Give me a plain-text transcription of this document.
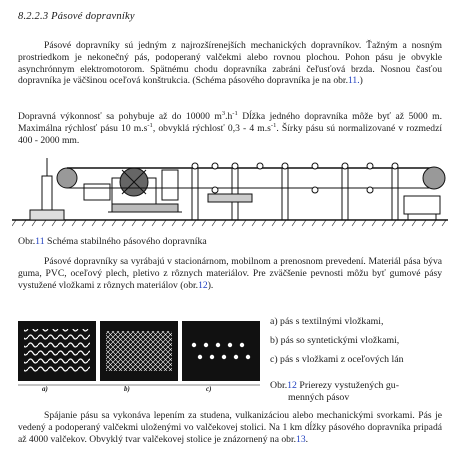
8.2.2.3 Pásové dopravníky

Pásové dopravníky sú jedným z najrozšírenejších mechanických dopravníkov. Ťažným a nosným prostriedkom je nekonečný pás, podoperaný valčekmi alebo rovnou plochou. Pohon pásu je obvykle asynchrónnym elektromotorom. Spätnému chodu dopravníka zabráni čeľusťová brzda. Nosnou časťou dopravníka je väčšinou oceľová konštrukcia. (Schéma pásového dopravníka je na obr.11.)

Dopravná výkonnosť sa pohybuje až do 10000 $m^3.h^{-1}$ Dĺžka jedného dopravníka môže byť až 5000 m. Maximálna rýchlosť pásu 10 $m.s^{-1}$, obvyklá rýchlosť 0,3 - 4 $m.s^{-1}$. Šírky pásu sú normalizované v rozmedzí 400 - 2000 mm.

Obr.11 Schéma stabilného pásového dopravníka

Pásové dopravníky sa vyrábajú v stacionárnom, mobilnom a prenosnom prevedení. Materiál pása býva guma, PVC, oceľový plech, pletivo z rôznych materiálov. Pre zväčšenie pevnosti môžu byť gumové pásy vystužené vložkami z rôznych materiálov (obr.12).

a)	b)	c)
a) pás s textilnými vložkami,
b) pás so syntetickými vložkami,
c) pás s vložkami z oceľových lán
Obr.12 Prierezy vystužených gu-
menných pásov

Spájanie pásu sa vykonáva lepením za studena, vulkanizáciou alebo mechanickými svorkami. Pás je vedený a podoperaný valčekmi uloženými vo valčekovej stolici. Na 1 km dĺžky pásového dopravníka pripadá až 4000 valčekov. Obvyklý tvar valčekovej stolice je znázornený na obr.13.
